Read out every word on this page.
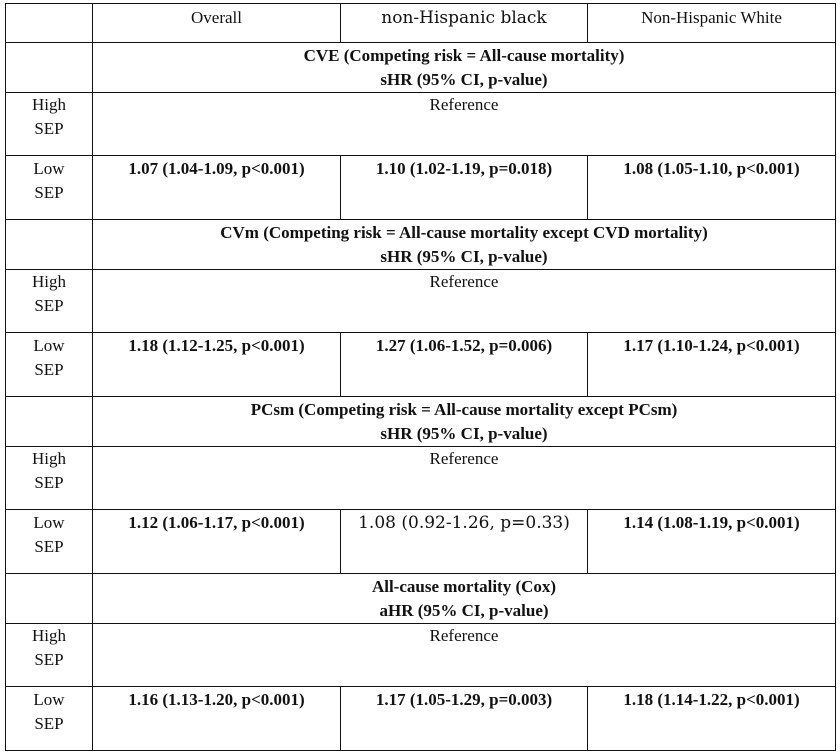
	Overall	non-Hispanic black	Non-Hispanic White

	CVE (Competing risk = All-cause mortality)
sHR (95% CI, p-value)		

High
SEP	Reference		

Low
SEP	1.07 (1.04-1.09, p<0.001)	1.10 (1.02-1.19, p=0.018)	1.08 (1.05-1.10, p<0.001)

	CVm (Competing risk = All-cause mortality except CVD mortality)
sHR (95% CI, p-value)		

High
SEP	Reference		

Low
SEP	1.18 (1.12-1.25, p<0.001)	1.27 (1.06-1.52, p=0.006)	1.17 (1.10-1.24, p<0.001)

	PCsm (Competing risk = All-cause mortality except PCsm)
sHR (95% CI, p-value)		

High
SEP	Reference		

Low
SEP	1.12 (1.06-1.17, p<0.001)	1.08 (0.92-1.26, p=0.33)	1.14 (1.08-1.19, p<0.001)

	All-cause mortality (Cox)
aHR (95% CI, p-value)		

High
SEP	Reference		

Low
SEP	1.16 (1.13-1.20, p<0.001)	1.17 (1.05-1.29, p=0.003)	1.18 (1.14-1.22, p<0.001)
